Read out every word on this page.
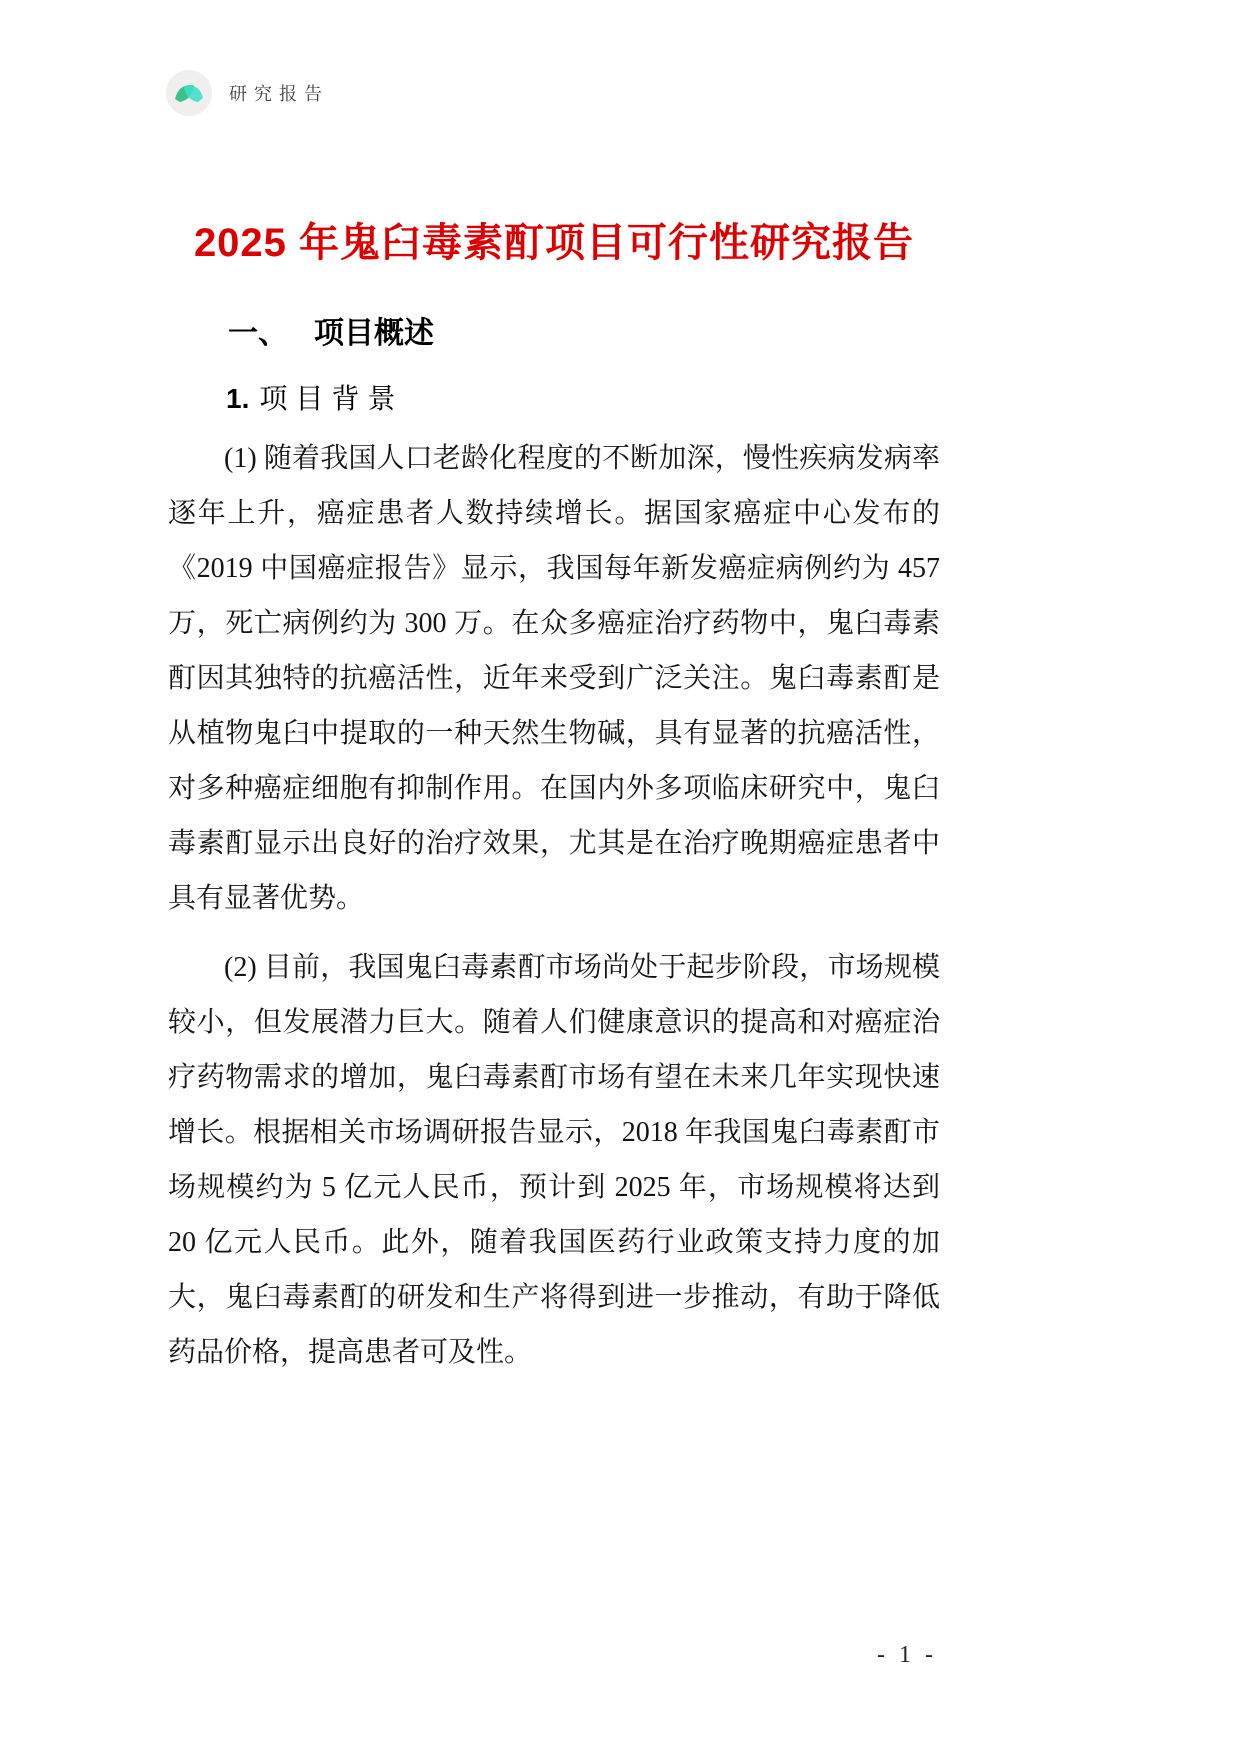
研究报告
2025 年鬼臼毒素酊项目可行性研究报告
一、 项目概述
1. 项目背景

(1) 随着我国人口老龄化程度的不断加深，慢性疾病发病率逐年上升，癌症患者人数持续增长。据国家癌症中心发布的《2019 中国癌症报告》显示，我国每年新发癌症病例约为 457 万，死亡病例约为 300 万。在众多癌症治疗药物中，鬼臼毒素酊因其独特的抗癌活性，近年来受到广泛关注。鬼臼毒素酊是从植物鬼臼中提取的一种天然生物碱，具有显著的抗癌活性，对多种癌症细胞有抑制作用。在国内外多项临床研究中，鬼臼毒素酊显示出良好的治疗效果，尤其是在治疗晚期癌症患者中具有显著优势。

(2) 目前，我国鬼臼毒素酊市场尚处于起步阶段，市场规模较小，但发展潜力巨大。随着人们健康意识的提高和对癌症治疗药物需求的增加，鬼臼毒素酊市场有望在未来几年实现快速增长。根据相关市场调研报告显示，2018 年我国鬼臼毒素酊市场规模约为 5 亿元人民币，预计到 2025 年，市场规模将达到 20 亿元人民币。此外，随着我国医药行业政策支持力度的加大，鬼臼毒素酊的研发和生产将得到进一步推动，有助于降低药品价格，提高患者可及性。

- 1 -
